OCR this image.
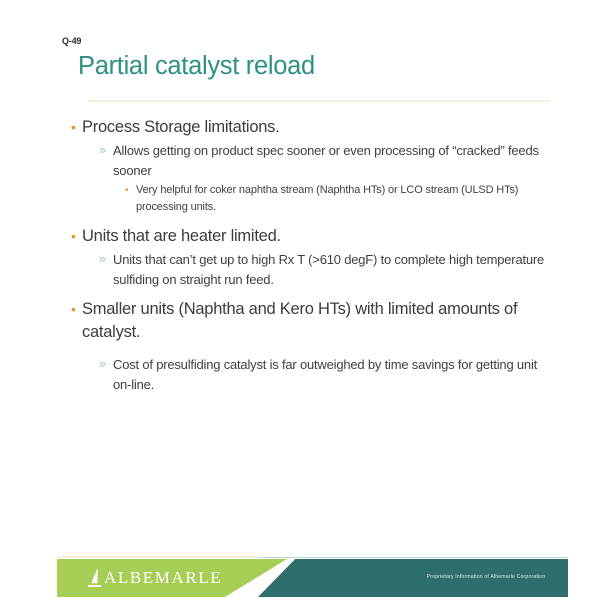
Q-49
Partial catalyst reload
• Process Storage limitations.
» Allows getting on product spec sooner or even processing of “cracked” feeds sooner
• Very helpful for coker naphtha stream (Naphtha HTs) or LCO stream (ULSD HTs) processing units.
• Units that are heater limited.
» Units that can’t get up to high Rx T (>610 degF) to complete high temperature sulfiding on straight run feed.
• Smaller units (Naphtha and Kero HTs) with limited amounts of catalyst.
» Cost of presulfiding catalyst is far outweighed by time savings for getting unit on-line.
ALBEMARLE	Proprietary Information of Albemarle Corporation
